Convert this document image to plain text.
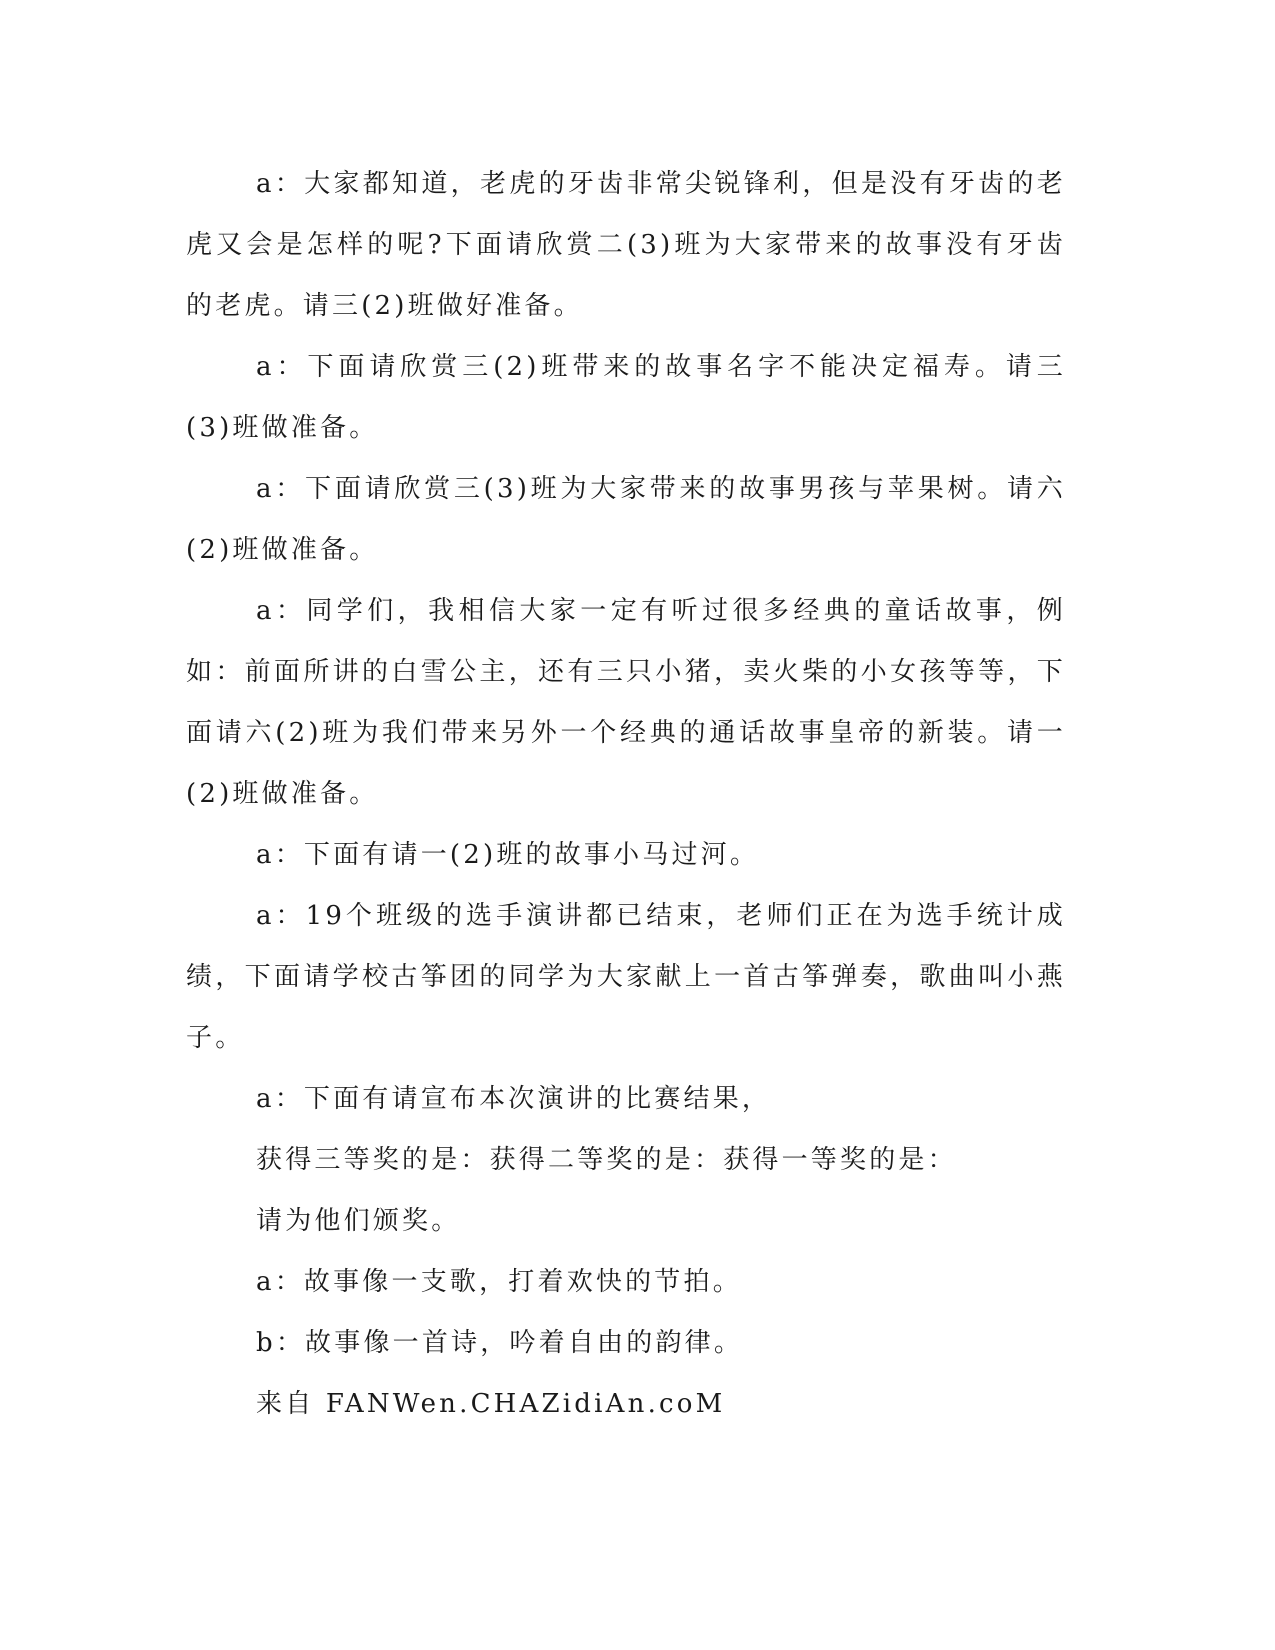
a：大家都知道，老虎的牙齿非常尖锐锋利，但是没有牙齿的老虎又会是怎样的呢?下面请欣赏二(3)班为大家带来的故事没有牙齿的老虎。请三(2)班做好准备。

a：下面请欣赏三(2)班带来的故事名字不能决定福寿。请三(3)班做准备。

a：下面请欣赏三(3)班为大家带来的故事男孩与苹果树。请六(2)班做准备。

a：同学们，我相信大家一定有听过很多经典的童话故事，例如：前面所讲的白雪公主，还有三只小猪，卖火柴的小女孩等等，下面请六(2)班为我们带来另外一个经典的通话故事皇帝的新装。请一(2)班做准备。

a：下面有请一(2)班的故事小马过河。

a：19个班级的选手演讲都已结束，老师们正在为选手统计成绩，下面请学校古筝团的同学为大家献上一首古筝弹奏，歌曲叫小燕子。

a：下面有请宣布本次演讲的比赛结果，

获得三等奖的是：获得二等奖的是：获得一等奖的是：

请为他们颁奖。

a：故事像一支歌，打着欢快的节拍。

b：故事像一首诗，吟着自由的韵律。

来自 FANWen.CHAZidiAn.coM
